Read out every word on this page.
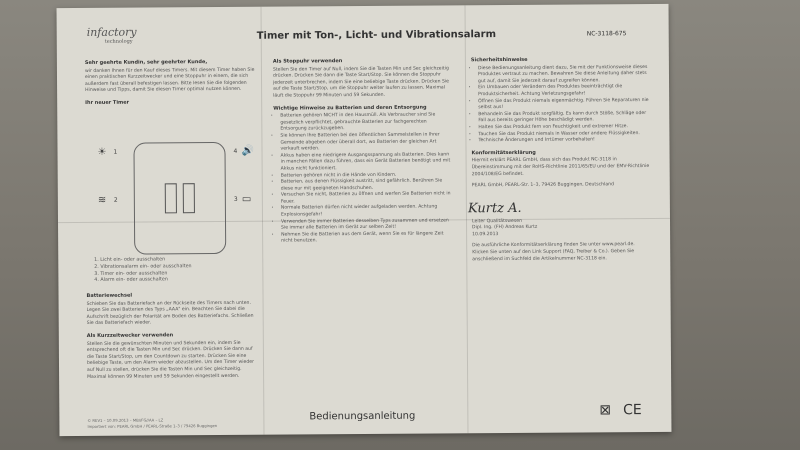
infactory
technology	Timer mit Ton-, Licht- und Vibrationsalarm	NC-3118-675
Sehr geehrte Kundin, sehr geehrter Kunde,

wir danken Ihnen für den Kauf dieses Timers. Mit diesem Timer haben Sie einen praktischen Kurzzeitwecker und eine Stoppuhr in einem, die sich außerdem fast überall befestigen lassen. Bitte lesen Sie die folgenden Hinweise und Tipps, damit Sie diesen Timer optimal nutzen können.

Ihr neuer Timer
☀ 1
≋ 2	3 ▭
4 🔊
1. Licht ein- oder ausschalten
2. Vibrationsalarm ein- oder ausschalten
3. Timer ein- oder ausschalten
4. Alarm ein- oder ausschalten
Batteriewechsel

Schieben Sie das Batteriefach an der Rückseite des Timers nach unten. Legen Sie zwei Batterien des Typs „AAA" ein. Beachten Sie dabei die Aufschrift bezüglich der Polarität am Boden des Batteriefachs. Schließen Sie das Batteriefach wieder.

Als Kurzzeitwecker verwenden

Stellen Sie die gewünschten Minuten und Sekunden ein, indem Sie entsprechend oft die Tasten Min und Sec drücken. Drücken Sie dann auf die Taste Start/Stop, um den Countdown zu starten. Drücken Sie eine beliebige Taste, um den Alarm wieder abzustellen. Um den Timer wieder auf Null zu stellen, drücken Sie die Tasten Min und Sec gleichzeitig. Maximal können 99 Minuten und 59 Sekunden eingestellt werden.

Als Stoppuhr verwenden

Stellen Sie den Timer auf Null, indem Sie die Tasten Min und Sec gleichzeitig drücken. Drücken Sie dann die Taste Start/Stop. Sie können die Stoppuhr jederzeit unterbrechen, indem Sie eine beliebige Taste drücken. Drücken Sie auf die Taste Start/Stop, um die Stoppuhr weiter laufen zu lassen. Maximal läuft die Stoppuhr 99 Minuten und 59 Sekunden.

Wichtige Hinweise zu Batterien und deren Entsorgung
• Batterien gehören NICHT in den Hausmüll. Als Verbraucher sind Sie gesetzlich verpflichtet, gebrauchte Batterien zur fachgerechten Entsorgung zurückzugeben.
• Sie können Ihre Batterien bei den öffentlichen Sammelstellen in Ihrer Gemeinde abgeben oder überall dort, wo Batterien der gleichen Art verkauft werden.
• Akkus haben eine niedrigere Ausgangsspannung als Batterien. Dies kann in manchen Fällen dazu führen, dass ein Gerät Batterien benötigt und mit Akkus nicht funktioniert.
• Batterien gehören nicht in die Hände von Kindern.
• Batterien, aus denen Flüssigkeit austritt, sind gefährlich. Berühren Sie diese nur mit geeigneten Handschuhen.
• Versuchen Sie nicht, Batterien zu öffnen und werfen Sie Batterien nicht in Feuer.
• Normale Batterien dürfen nicht wieder aufgeladen werden. Achtung Explosionsgefahr!
• Verwenden Sie immer Batterien desselben Typs zusammen und ersetzen Sie immer alle Batterien im Gerät zur selben Zeit!
• Nehmen Sie die Batterien aus dem Gerät, wenn Sie es für längere Zeit nicht benutzen.
Sicherheitshinweise
• Diese Bedienungsanleitung dient dazu, Sie mit der Funktionsweise dieses Produktes vertraut zu machen. Bewahren Sie diese Anleitung daher stets gut auf, damit Sie jederzeit darauf zugreifen können.
• Ein Umbauen oder Verändern des Produktes beeinträchtigt die Produktsicherheit. Achtung Verletzungsgefahr!
• Öffnen Sie das Produkt niemals eigenmächtig. Führen Sie Reparaturen nie selbst aus!
• Behandeln Sie das Produkt sorgfältig. Es kann durch Stöße, Schläge oder Fall aus bereits geringer Höhe beschädigt werden.
• Halten Sie das Produkt fern von Feuchtigkeit und extremer Hitze.
• Tauchen Sie das Produkt niemals in Wasser oder andere Flüssigkeiten.
• Technische Änderungen und Irrtümer vorbehalten!
Konformitätserklärung

Hiermit erklärt PEARL GmbH, dass sich das Produkt NC-3118 in Übereinstimmung mit der RoHS-Richtlinie 2011/65/EU und der EMV-Richtlinie 2004/108/EG befindet.

PEARL GmbH, PEARL-Str. 1–3, 79426 Buggingen, Deutschland

Leiter Qualitätswesen
Dipl. Ing. (FH) Andreas Kurtz
10.09.2013

Die ausführliche Konformitätserklärung finden Sie unter www.pearl.de. Klicken Sie unten auf den Link Support (FAQ, Treiber & Co.). Geben Sie anschließend im Suchfeld die Artikelnummer NC-3118 ein.

Kurtz A.
© REV1 – 10.09.2013 – MB//FG//AA – LZ
Importiert von: PEARL GmbH / PEARL-Straße 1–3 / 79426 Buggingen
Bedienungsanleitung	⊠ CE
